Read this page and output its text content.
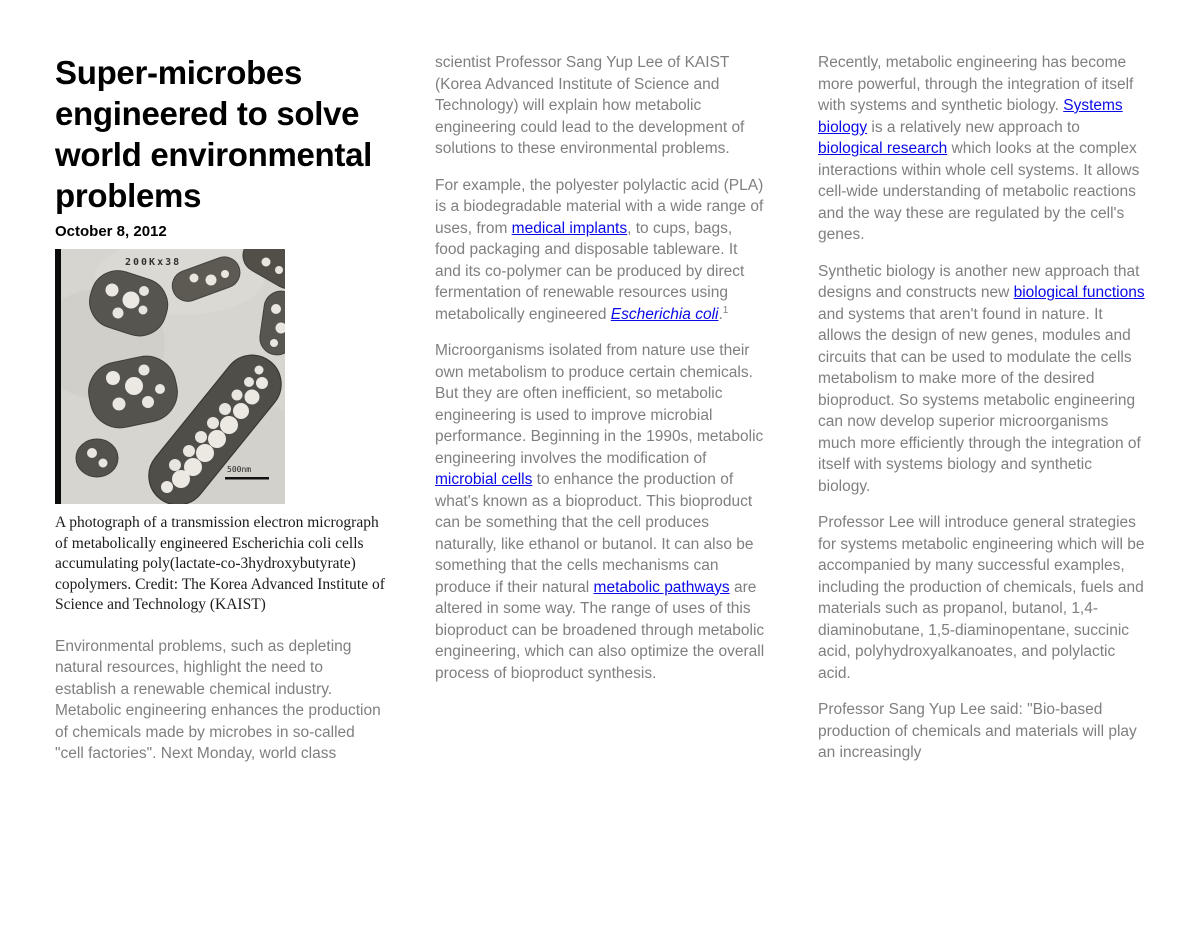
Super-microbes engineered to solve world environmental problems
October 8, 2012
200Kx38
500nm

A photograph of a transmission electron micrograph of metabolically engineered Escherichia coli cells accumulating poly(lactate-co-3hydroxybutyrate) copolymers. Credit: The Korea Advanced Institute of Science and Technology (KAIST)

Environmental problems, such as depleting natural resources, highlight the need to establish a renewable chemical industry. Metabolic engineering enhances the production of chemicals made by microbes in so-called "cell factories". Next Monday, world class

scientist Professor Sang Yup Lee of KAIST (Korea Advanced Institute of Science and Technology) will explain how metabolic engineering could lead to the development of solutions to these environmental problems.

For example, the polyester polylactic acid (PLA) is a biodegradable material with a wide range of uses, from medical implants, to cups, bags, food packaging and disposable tableware. It and its co-polymer can be produced by direct fermentation of renewable resources using metabolically engineered Escherichia coli.$^1$

Microorganisms isolated from nature use their own metabolism to produce certain chemicals. But they are often inefficient, so metabolic engineering is used to improve microbial performance. Beginning in the 1990s, metabolic engineering involves the modification of microbial cells to enhance the production of what's known as a bioproduct. This bioproduct can be something that the cell produces naturally, like ethanol or butanol. It can also be something that the cells mechanisms can produce if their natural metabolic pathways are altered in some way. The range of uses of this bioproduct can be broadened through metabolic engineering, which can also optimize the overall process of bioproduct synthesis.

Recently, metabolic engineering has become more powerful, through the integration of itself with systems and synthetic biology. Systems biology is a relatively new approach to biological research which looks at the complex interactions within whole cell systems. It allows cell-wide understanding of metabolic reactions and the way these are regulated by the cell's genes.

Synthetic biology is another new approach that designs and constructs new biological functions and systems that aren't found in nature. It allows the design of new genes, modules and circuits that can be used to modulate the cells metabolism to make more of the desired bioproduct. So systems metabolic engineering can now develop superior microorganisms much more efficiently through the integration of itself with systems biology and synthetic biology.

Professor Lee will introduce general strategies for systems metabolic engineering which will be accompanied by many successful examples, including the production of chemicals, fuels and materials such as propanol, butanol, 1,4-diaminobutane, 1,5-diaminopentane, succinic acid, polyhydroxyalkanoates, and polylactic acid.

Professor Sang Yup Lee said: "Bio-based production of chemicals and materials will play an increasingly
